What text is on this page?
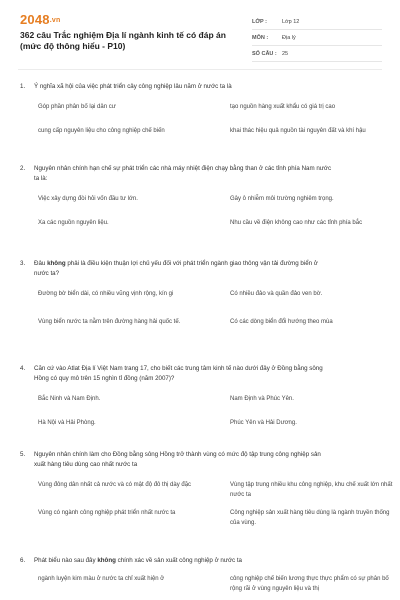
2048.vn
362 câu Trắc nghiệm Địa lí ngành kinh tế có đáp án (mức độ thông hiểu - P10)
LỚP :	Lớp 12
MÔN :	Địa lý
SỐ CÂU : 25
1.	Ý nghĩa xã hội của việc phát triển cây công nghiệp lâu năm ở nước ta là
Góp phần phân bố lại dân cư	tạo nguồn hàng xuất khẩu có giá trị cao
cung cấp nguyên liệu cho công nghiệp chế biến	khai thác hiệu quả nguồn tài nguyên đất và khí hậu
2.	Nguyên nhân chính hạn chế sự phát triển các nhà máy nhiệt điện chạy bằng than ở các tỉnh phía Nam nước ta là:
Việc xây dựng đòi hỏi vốn đầu tư lớn.	Gây ô nhiễm môi trường nghiêm trọng.
Xa các nguồn nguyên liệu.	Nhu cầu về điện không cao như các tỉnh phía bắc
3.	Đâu không phải là điều kiện thuận lợi chủ yếu đối với phát triển ngành giao thông vận tải đường biển ở nước ta?
Đường bờ biển dài, có nhiều vũng vịnh rộng, kín gi	Có nhiều đảo và quần đảo ven bờ.
Vùng biển nước ta nằm trên đường hàng hải quốc tế.	Có các dòng biển đổi hướng theo mùa
4.	Căn cứ vào Atlat Địa lí Việt Nam trang 17, cho biết các trung tâm kinh tế nào dưới đây ở Đồng bằng sông Hồng có quy mô trên 15 nghìn tỉ đồng (năm 2007)?
Bắc Ninh và Nam Định.	Nam Định và Phúc Yên.
Hà Nội và Hải Phòng.	Phúc Yên và Hải Dương.
5.	Nguyên nhân chính làm cho Đồng bằng sông Hồng trở thành vùng có mức độ tập trung công nghiệp sản xuất hàng tiêu dùng cao nhất nước ta
Vùng đông dân nhất cả nước và có mật độ đô thị dày đặc	Vùng tập trung nhiều khu công nghiệp, khu chế xuất lớn nhất nước ta
Vùng có ngành công nghiệp phát triển nhất nước ta	Công nghiệp sản xuất hàng tiêu dùng là ngành truyền thống của vùng.
6.	Phát biểu nào sau đây không chính xác về sản xuất công nghiệp ở nước ta
ngành luyện kim màu ở nước ta chỉ xuất hiện ở	công nghiệp chế biến lương thực thực phẩm có sự phân bố rộng rãi ở vùng nguyên liệu và thị
